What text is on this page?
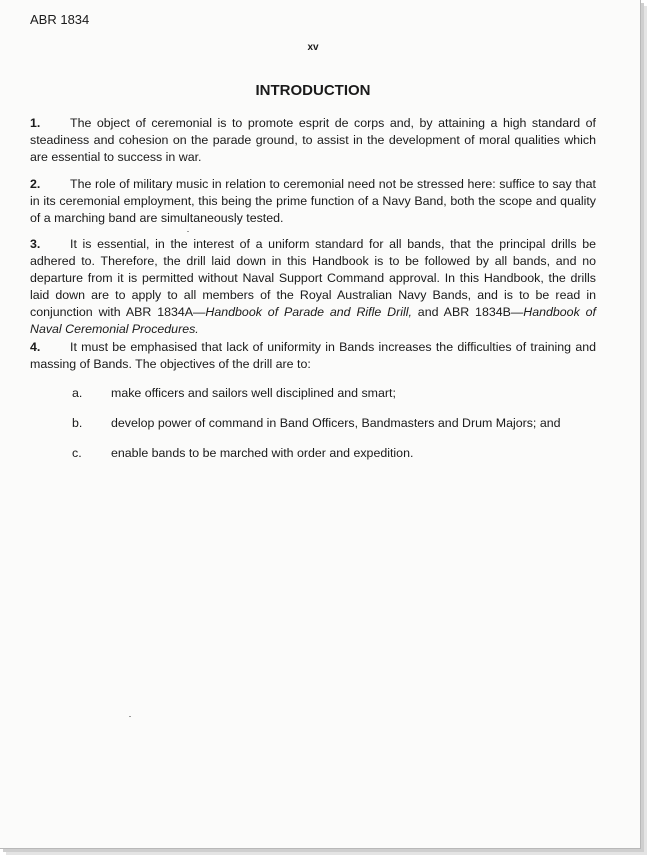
ABR 1834
xv
INTRODUCTION

1. The object of ceremonial is to promote esprit de corps and, by attaining a high standard of steadiness and cohesion on the parade ground, to assist in the development of moral qualities which are essential to success in war.

2. The role of military music in relation to ceremonial need not be stressed here: suffice to say that in its ceremonial employment, this being the prime function of a Navy Band, both the scope and quality of a marching band are simultaneously tested.

3. It is essential, in the interest of a uniform standard for all bands, that the principal drills be adhered to. Therefore, the drill laid down in this Handbook is to be followed by all bands, and no departure from it is permitted without Naval Support Command approval. In this Handbook, the drills laid down are to apply to all members of the Royal Australian Navy Bands, and is to be read in conjunction with ABR 1834A—Handbook of Parade and Rifle Drill, and ABR 1834B—Handbook of Naval Ceremonial Procedures.

4. It must be emphasised that lack of uniformity in Bands increases the difficulties of training and massing of Bands. The objectives of the drill are to:

a. make officers and sailors well disciplined and smart;
b. develop power of command in Band Officers, Bandmasters and Drum Majors; and
c. enable bands to be marched with order and expedition.
